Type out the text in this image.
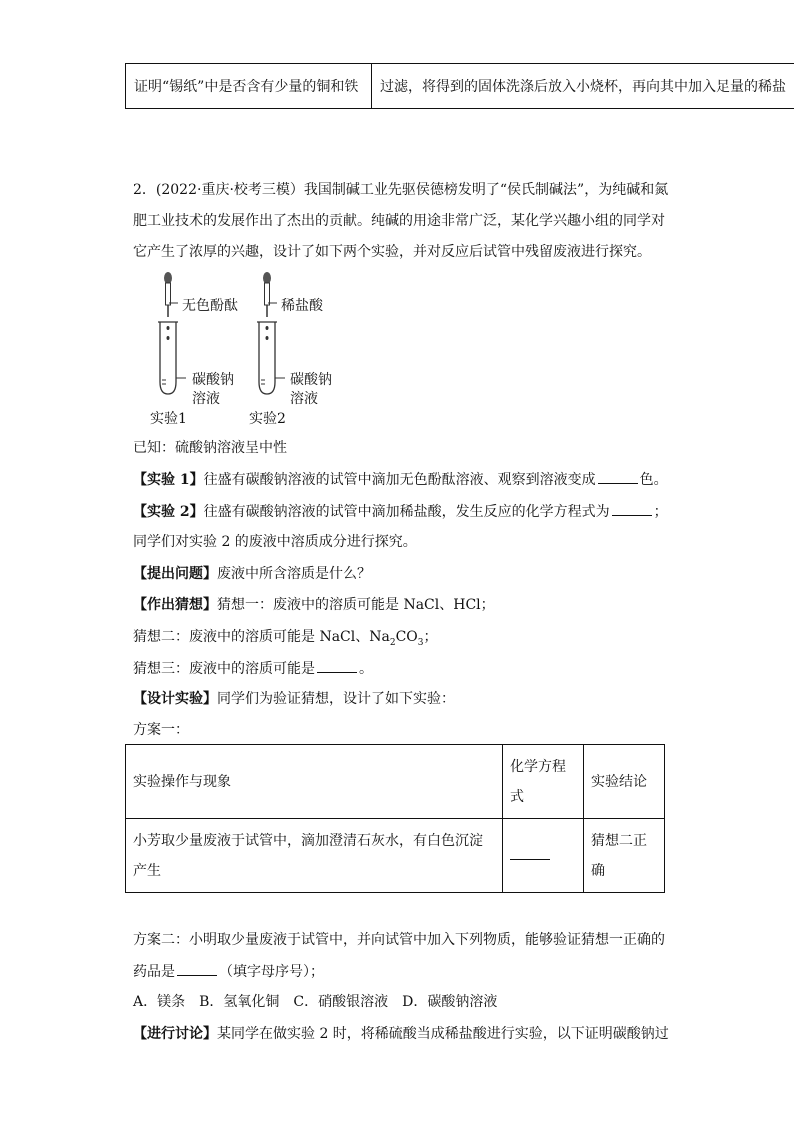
证明“锡纸”中是否含有少量的铜和铁	过滤，将得到的固体洗涤后放入小烧杯，再向其中加入足量的稀盐
2．(2022·重庆·校考三模）我国制碱工业先驱侯德榜发明了“侯氏制碱法”，为纯碱和氮
肥工业技术的发展作出了杰出的贡献。纯碱的用途非常广泛，某化学兴趣小组的同学对
它产生了浓厚的兴趣，设计了如下两个实验，并对反应后试管中残留废液进行探究。
无色酚酞	稀盐酸
碳酸钠
溶液
碳酸钠
溶液
实验1	实验2
已知：硫酸钠溶液呈中性
【实验 1】往盛有碳酸钠溶液的试管中滴加无色酚酞溶液、观察到溶液变成	色。
【实验 2】往盛有碳酸钠溶液的试管中滴加稀盐酸，发生反应的化学方程式为	；
同学们对实验 2 的废液中溶质成分进行探究。
【提出问题】废液中所含溶质是什么？
【作出猜想】猜想一：废液中的溶质可能是 NaCl、HCl；
猜想二：废液中的溶质可能是 NaCl、$Na_2CO_3$；
猜想三：废液中的溶质可能是	。
【设计实验】同学们为验证猜想，设计了如下实验：
方案一：
实验操作与现象	化学方程式	实验结论
小芳取少量废液于试管中，滴加澄清石灰水，有白色沉淀产生		猜想二正确
方案二：小明取少量废液于试管中，并向试管中加入下列物质，能够验证猜想一正确的
药品是	（填字母序号）；
A．镁条　B．氢氧化铜　C．硝酸银溶液　D．碳酸钠溶液
【进行讨论】某同学在做实验 2 时，将稀硫酸当成稀盐酸进行实验，以下证明碳酸钠过
